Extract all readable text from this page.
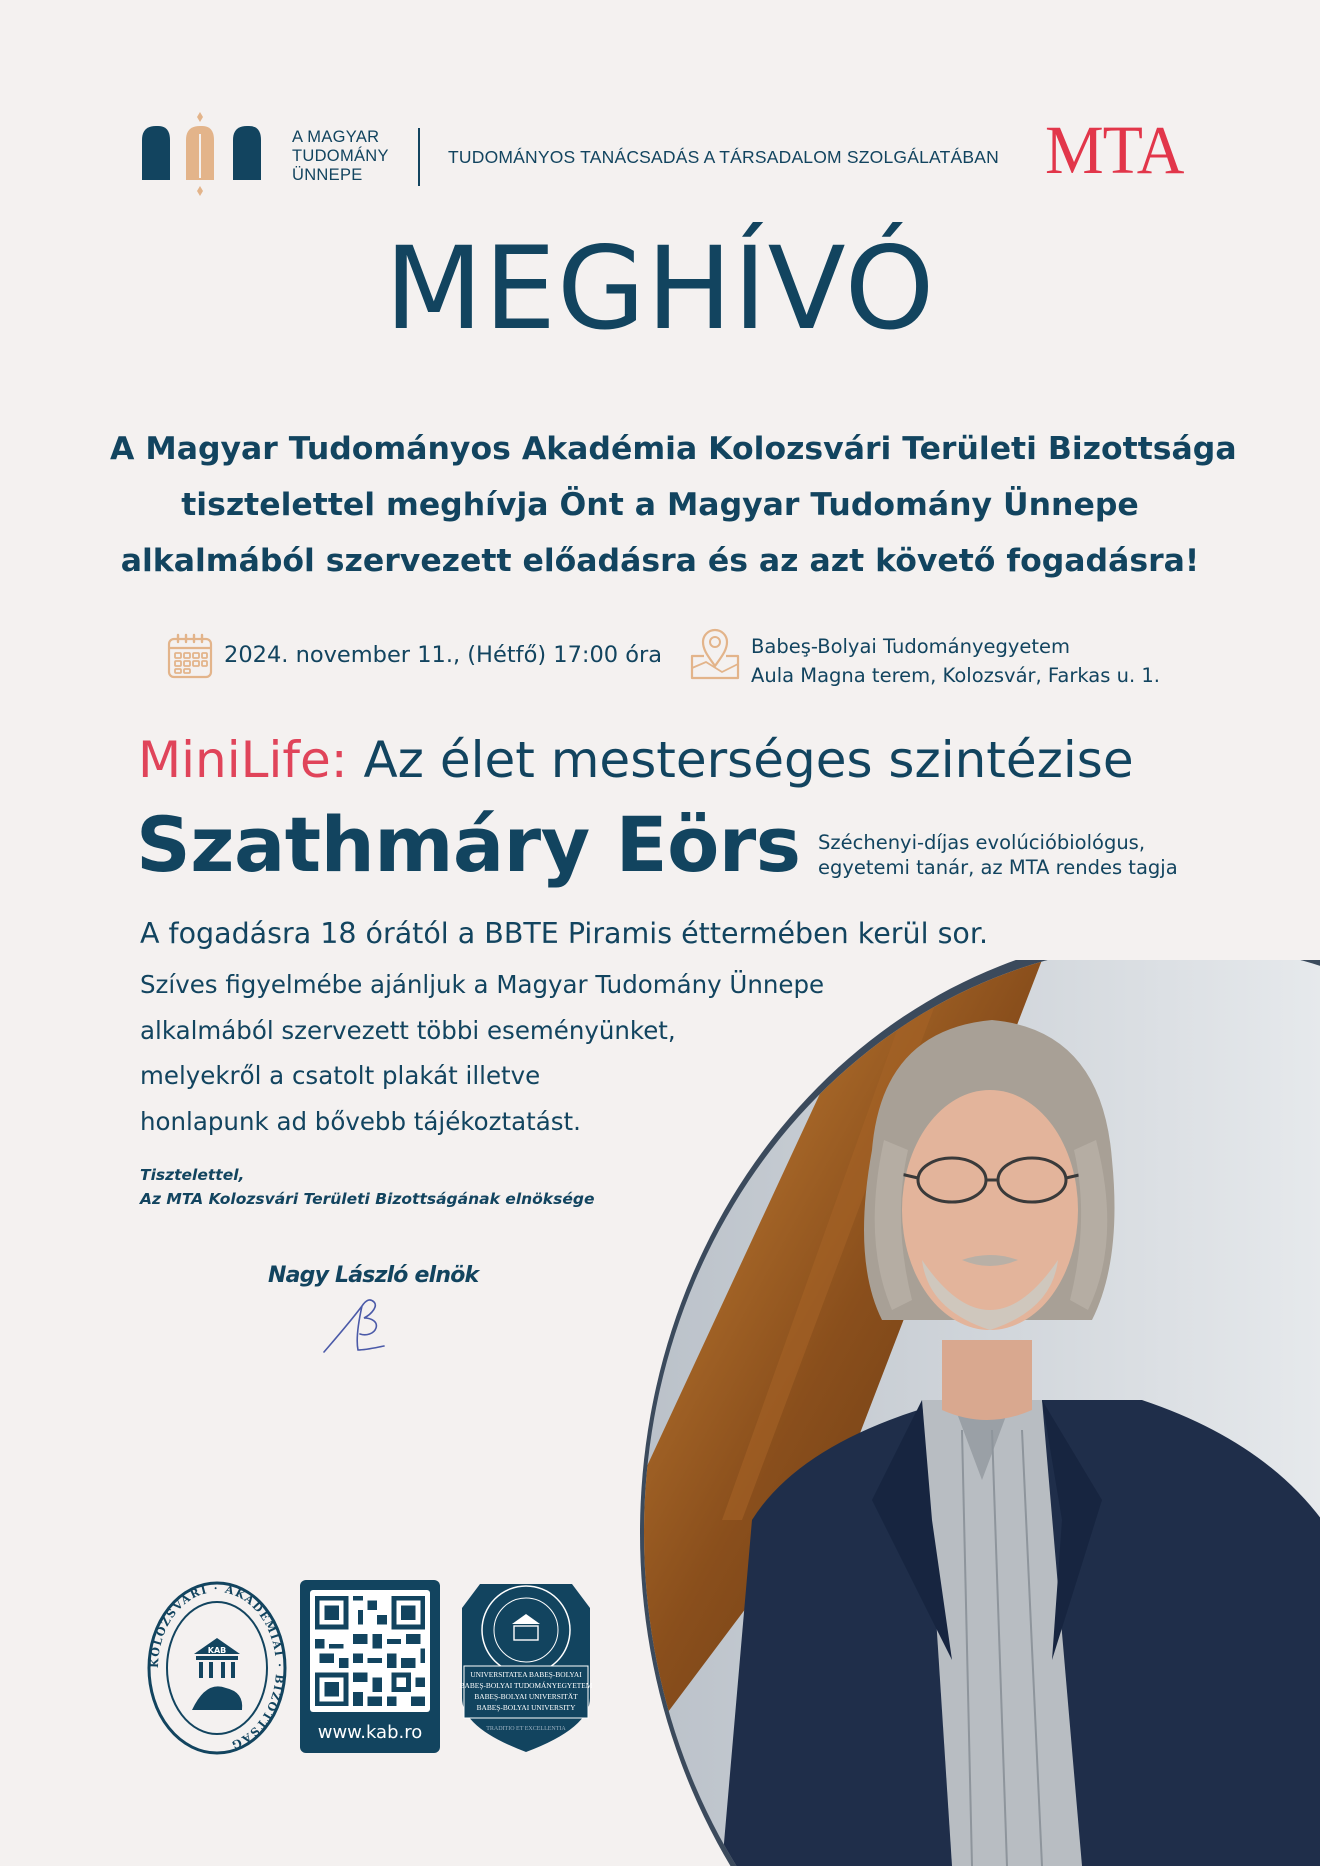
A MAGYAR
TUDOMÁNY
ÜNNEPE
TUDOMÁNYOS TANÁCSADÁS A TÁRSADALOM SZOLGÁLATÁBAN MTA
MEGHÍVÓ
A Magyar Tudományos Akadémia Kolozsvári Területi Bizottsága
tisztelettel meghívja Önt a Magyar Tudomány Ünnepe
alkalmából szervezett előadásra és az azt követő fogadásra!
2024. november 11., (Hétfő) 17:00 óra	Babeş-Bolyai Tudományegyetem
Aula Magna terem, Kolozsvár, Farkas u. 1.
MiniLife: Az élet mesterséges szintézise
Szathmáry Eörs Széchenyi-díjas evolúcióbiológus,
egyetemi tanár, az MTA rendes tagja
A fogadásra 18 órától a BBTE Piramis éttermében kerül sor.
Szíves figyelmébe ajánljuk a Magyar Tudomány Ünnepe
alkalmából szervezett többi eseményünket,
melyekről a csatolt plakát illetve
honlapunk ad bővebb tájékoztatást.
Tisztelettel,
Az MTA Kolozsvári Területi Bizottságának elnöksége
Nagy László elnök
KOLOZSVÁRI · AKADÉMIAI · BIZOTTSÁG
KAB
www.kab.ro
UNIVERSITATEA BABEŞ-BOLYAI
BABEŞ-BOLYAI TUDOMÁNYEGYETEM
BABEŞ-BOLYAI UNIVERSITÄT
BABEŞ-BOLYAI UNIVERSITY
TRADITIO ET EXCELLENTIA
